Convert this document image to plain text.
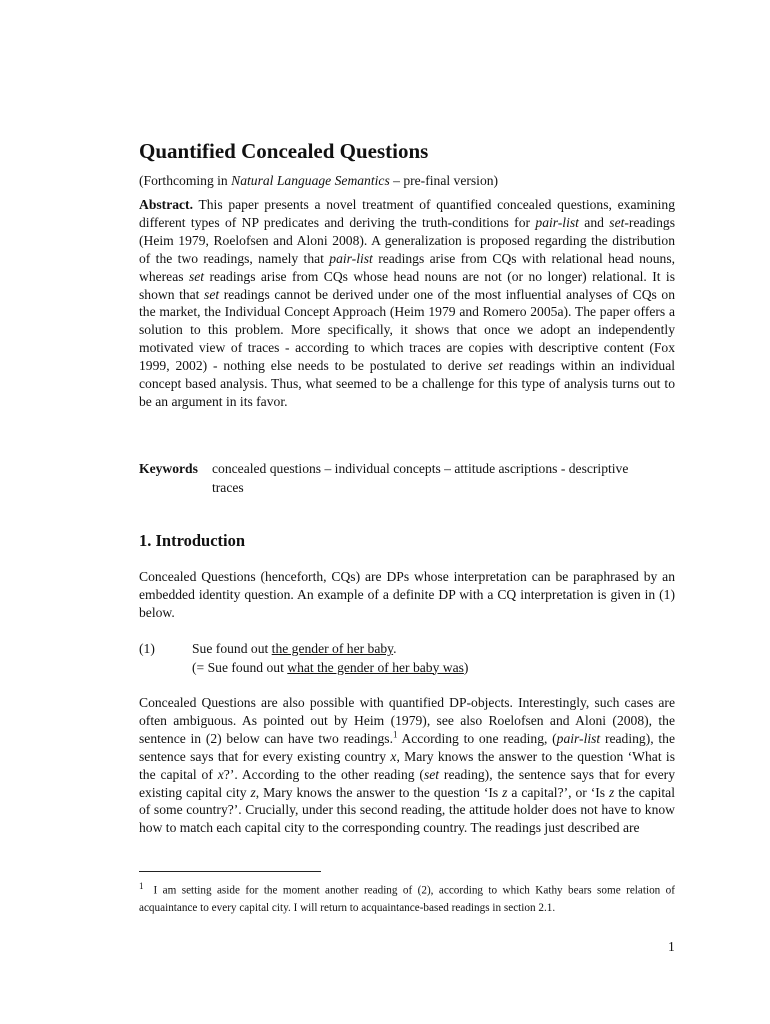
Quantified Concealed Questions
(Forthcoming in Natural Language Semantics – pre-final version)
Abstract. This paper presents a novel treatment of quantified concealed questions, examining different types of NP predicates and deriving the truth-conditions for pair-list and set-readings (Heim 1979, Roelofsen and Aloni 2008). A generalization is proposed regarding the distribution of the two readings, namely that pair-list readings arise from CQs with relational head nouns, whereas set readings arise from CQs whose head nouns are not (or no longer) relational. It is shown that set readings cannot be derived under one of the most influential analyses of CQs on the market, the Individual Concept Approach (Heim 1979 and Romero 2005a). The paper offers a solution to this problem. More specifically, it shows that once we adopt an independently motivated view of traces - according to which traces are copies with descriptive content (Fox 1999, 2002) - nothing else needs to be postulated to derive set readings within an individual concept based analysis. Thus, what seemed to be a challenge for this type of analysis turns out to be an argument in its favor.
Keywords concealed questions – individual concepts – attitude ascriptions - descriptive traces
1. Introduction
Concealed Questions (henceforth, CQs) are DPs whose interpretation can be paraphrased by an embedded identity question. An example of a definite DP with a CQ interpretation is given in (1) below.
(1)	Sue found out the gender of her baby.
(= Sue found out what the gender of her baby was)
Concealed Questions are also possible with quantified DP-objects. Interestingly, such cases are often ambiguous. As pointed out by Heim (1979), see also Roelofsen and Aloni (2008), the sentence in (2) below can have two readings.$^1$ According to one reading, (pair-list reading), the sentence says that for every existing country x, Mary knows the answer to the question ‘What is the capital of x?’. According to the other reading (set reading), the sentence says that for every existing capital city z, Mary knows the answer to the question ‘Is z a capital?’, or ‘Is z the capital of some country?’. Crucially, under this second reading, the attitude holder does not have to know how to match each capital city to the corresponding country. The readings just described are
$^1$ I am setting aside for the moment another reading of (2), according to which Kathy bears some relation of acquaintance to every capital city. I will return to acquaintance-based readings in section 2.1.
1
